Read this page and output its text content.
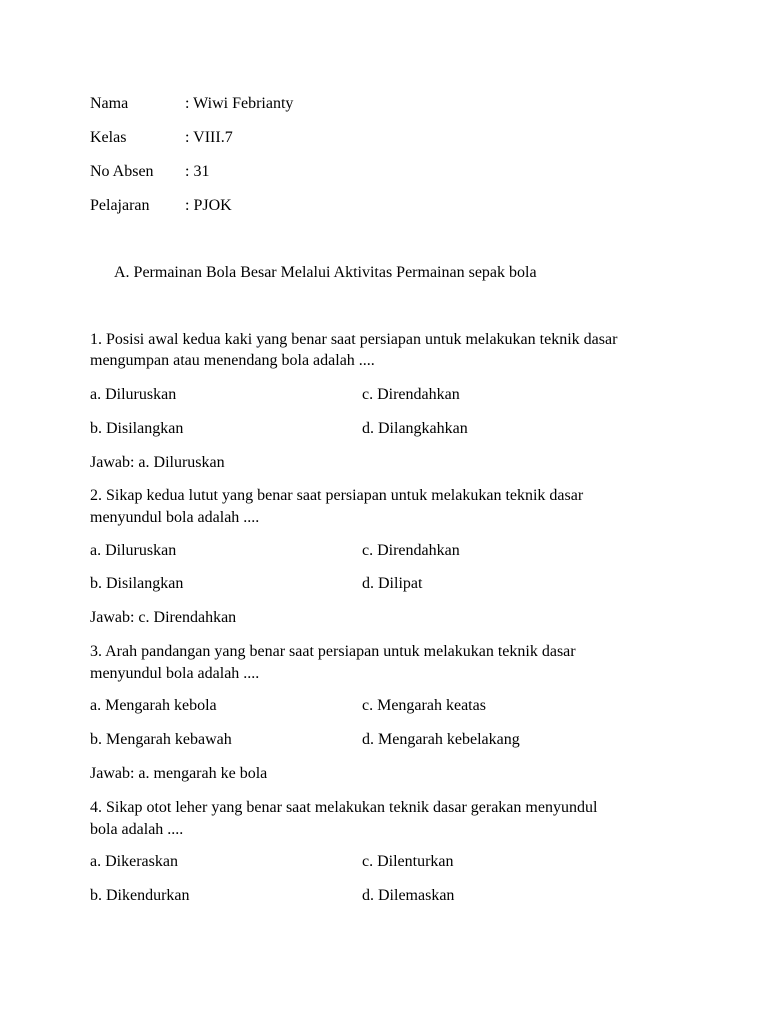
Nama	: Wiwi Febrianty
Kelas	: VIII.7
No Absen : 31
Pelajaran : PJOK
A. Permainan Bola Besar Melalui Aktivitas Permainan sepak bola
1. Posisi awal kedua kaki yang benar saat persiapan untuk melakukan teknik dasar
mengumpan atau menendang bola adalah ....
a. Diluruskan	c. Direndahkan
b. Disilangkan	d. Dilangkahkan
Jawab: a. Diluruskan
2. Sikap kedua lutut yang benar saat persiapan untuk melakukan teknik dasar
menyundul bola adalah ....
a. Diluruskan	c. Direndahkan
b. Disilangkan	d. Dilipat
Jawab: c. Direndahkan
3. Arah pandangan yang benar saat persiapan untuk melakukan teknik dasar
menyundul bola adalah ....
a. Mengarah kebola	c. Mengarah keatas
b. Mengarah kebawah	d. Mengarah kebelakang
Jawab: a. mengarah ke bola
4. Sikap otot leher yang benar saat melakukan teknik dasar gerakan menyundul
bola adalah ....
a. Dikeraskan	c. Dilenturkan
b. Dikendurkan	d. Dilemaskan
